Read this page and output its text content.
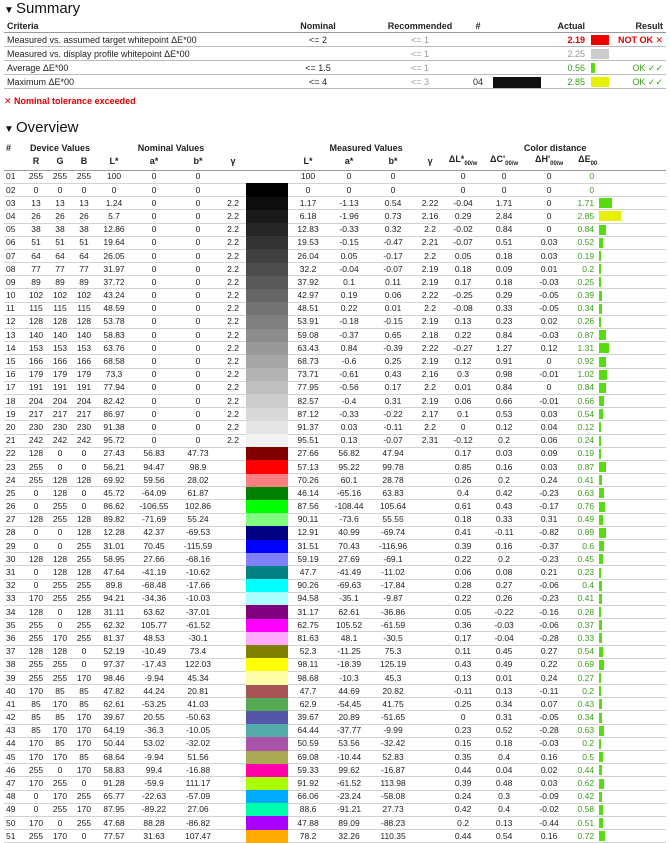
▼ Summary
Criteria	Nominal	Recommended	#		Actual		Result
Measured vs. assumed target whitepoint ΔE*00	<= 2	<= 1			2.19		NOT OK ✕
Measured vs. display profile whitepoint ΔE*00		<= 1			2.25		
Average ΔE*00	<= 1.5	<= 1			0.56		OK ✓✓
Maximum ΔE*00	<= 4	<= 3	04		2.85		OK ✓✓
✕ Nominal tolerance exceeded
▼ Overview
#	Device Values			Nominal Values					Measured Values				Color distance				
	R	G	B	L*	a*	b*	γ		L*	a*	b*	γ	$\Delta L*_{00/w}$	$\Delta C'_{00/w}$	$\Delta H'_{00/w}$	$\Delta E_{00}$
01	255	255	255	100	0	0			100	0	0		0	0	0	0	

02	0	0	0	0	0	0			0	0	0		0	0	0	0	

03	13	13	13	1.24	0	0	2.2		1.17	-1.13	0.54	2.22	-0.04	1.71	0	1.71	

04	26	26	26	5.7	0	0	2.2		6.18	-1.96	0.73	2.16	0.29	2.84	0	2.85	

05	38	38	38	12.86	0	0	2.2		12.83	-0.33	0.32	2.2	-0.02	0.84	0	0.84	

06	51	51	51	19.64	0	0	2.2		19.53	-0.15	-0.47	2.21	-0.07	0.51	0.03	0.52	

07	64	64	64	26.05	0	0	2.2		26.04	0.05	-0.17	2.2	0.05	0.18	0.03	0.19	

08	77	77	77	31.97	0	0	2.2		32.2	-0.04	-0.07	2.19	0.18	0.09	0.01	0.2	

09	89	89	89	37.72	0	0	2.2		37.92	0.1	0.11	2.19	0.17	0.18	-0.03	0.25	

10	102	102	102	43.24	0	0	2.2		42.97	0.19	0.06	2.22	-0.25	0.29	-0.05	0.39	

11	115	115	115	48.59	0	0	2.2		48.51	0.22	0.01	2.2	-0.08	0.33	-0.05	0.34	

12	128	128	128	53.78	0	0	2.2		53.91	-0.18	-0.15	2.19	0.13	0.23	0.02	0.26	

13	140	140	140	58.83	0	0	2.2		59.08	-0.37	0.65	2.18	0.22	0.84	-0.03	0.87	

14	153	153	153	63.76	0	0	2.2		63.43	0.84	-0.39	2.22	-0.27	1.27	0.12	1.31	

15	166	166	166	68.58	0	0	2.2		68.73	-0.6	0.25	2.19	0.12	0.91	0	0.92	

16	179	179	179	73.3	0	0	2.2		73.71	-0.61	0.43	2.16	0.3	0.98	-0.01	1.02	

17	191	191	191	77.94	0	0	2.2		77.95	-0.56	0.17	2.2	0.01	0.84	0	0.84	

18	204	204	204	82.42	0	0	2.2		82.57	-0.4	0.31	2.19	0.06	0.66	-0.01	0.66	

19	217	217	217	86.97	0	0	2.2		87.12	-0.33	-0.22	2.17	0.1	0.53	0.03	0.54	

20	230	230	230	91.38	0	0	2.2		91.37	0.03	-0.11	2.2	0	0.12	0.04	0.12	

21	242	242	242	95.72	0	0	2.2		95.51	0.13	-0.07	2.31	-0.12	0.2	0.06	0.24	

22	128	0	0	27.43	56.83	47.73			27.66	56.82	47.94		0.17	0.03	0.09	0.19	

23	255	0	0	56.21	94.47	98.9			57.13	95.22	99.78		0.85	0.16	0.03	0.87	

24	255	128	128	69.92	59.56	28.02			70.26	60.1	28.78		0.26	0.2	0.24	0.41	

25	0	128	0	45.72	-64.09	61.87			46.14	-65.16	63.83		0.4	0.42	-0.23	0.63	

26	0	255	0	86.62	-106.55	102.86			87.56	-108.44	105.64		0.61	0.43	-0.17	0.76	

27	128	255	128	89.82	-71.69	55.24			90.11	-73.6	55.55		0.18	0.33	0.31	0.49	

28	0	0	128	12.28	42.37	-69.53			12.91	40.99	-69.74		0.41	-0.11	-0.82	0.89	

29	0	0	255	31.01	70.45	-115.59			31.51	70.43	-116.96		0.39	0.16	-0.37	0.6	

30	128	128	255	58.95	27.66	-68.16			59.19	27.69	-69.1		0.22	0.2	-0.23	0.45	

31	0	128	128	47.64	-41.19	-10.62			47.7	-41.49	-11.02		0.06	0.08	0.21	0.23	

32	0	255	255	89.8	-68.48	-17.66			90.26	-69.63	-17.84		0.28	0.27	-0.06	0.4	

33	170	255	255	94.21	-34.36	-10.03			94.58	-35.1	-9.87		0.22	0.26	-0.23	0.41	

34	128	0	128	31.11	63.62	-37.01			31.17	62.61	-36.86		0.05	-0.22	-0.16	0.28	

35	255	0	255	62.32	105.77	-61.52			62.75	105.52	-61.59		0.36	-0.03	-0.06	0.37	

36	255	170	255	81.37	48.53	-30.1			81.63	48.1	-30.5		0.17	-0.04	-0.28	0.33	

37	128	128	0	52.19	-10.49	73.4			52.3	-11.25	75.3		0.11	0.45	0.27	0.54	

38	255	255	0	97.37	-17.43	122.03			98.11	-18.39	125.19		0.43	0.49	0.22	0.69	

39	255	255	170	98.46	-9.94	45.34			98.68	-10.3	45.3		0.13	0.01	0.24	0.27	

40	170	85	85	47.82	44.24	20.81			47.7	44.69	20.82		-0.11	0.13	-0.11	0.2	

41	85	170	85	62.61	-53.25	41.03			62.9	-54.45	41.75		0.25	0.34	0.07	0.43	

42	85	85	170	39.67	20.55	-50.63			39.67	20.89	-51.65		0	0.31	-0.05	0.34	

43	85	170	170	64.19	-36.3	-10.05			64.44	-37.77	-9.99		0.23	0.52	-0.28	0.63	

44	170	85	170	50.44	53.02	-32.02			50.59	53.56	-32.42		0.15	0.18	-0.03	0.2	

45	170	170	85	68.64	-9.94	51.56			69.08	-10.44	52.83		0.35	0.4	0.16	0.5	

46	255	0	170	58.83	99.4	-16.88			59.33	99.62	-16.87		0.44	0.04	0.02	0.44	

47	170	255	0	91.28	-59.9	111.17			91.92	-61.52	113.98		0.39	0.48	0.03	0.62	

48	0	170	255	65.77	-22.63	-57.09			66.06	-23.24	-58.08		0.24	0.3	-0.09	0.42	

49	0	255	170	87.95	-89.22	27.06			88.6	-91.21	27.73		0.42	0.4	-0.02	0.58	

50	170	0	255	47.68	88.28	-86.82			47.88	89.09	-88.23		0.2	0.13	-0.44	0.51	

51	255	170	0	77.57	31.63	107.47			78.2	32.26	110.35		0.44	0.54	0.16	0.72	
